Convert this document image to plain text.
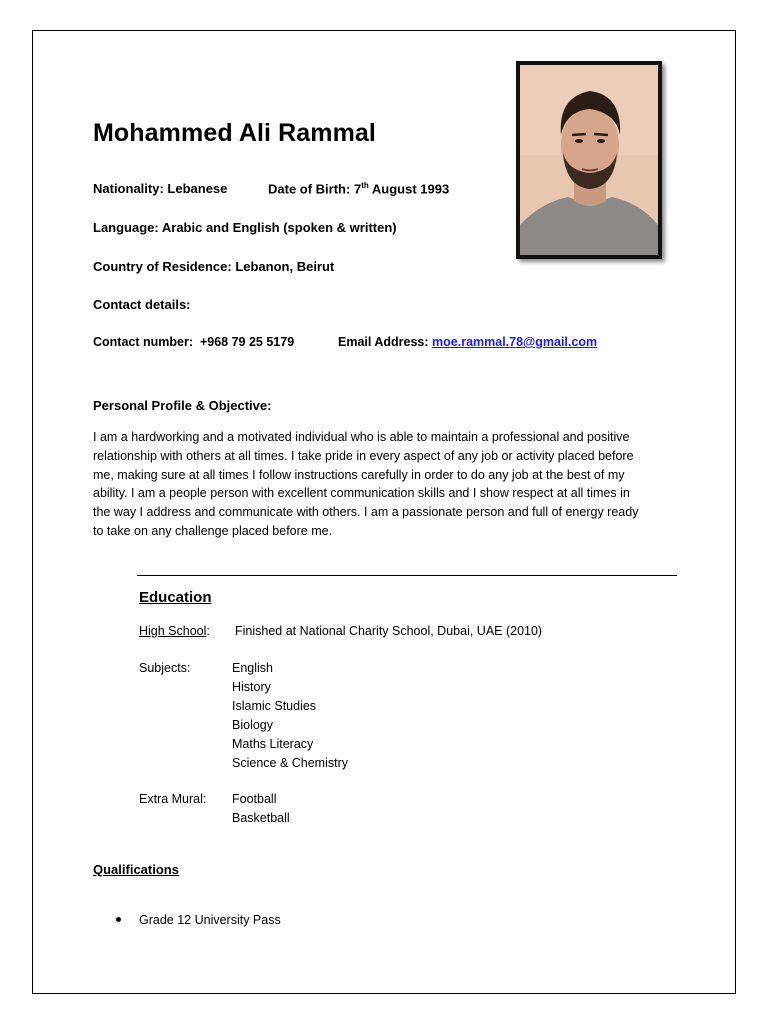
Mohammed Ali Rammal
Nationality: Lebanese	Date of Birth: 7th August 1993
Language: Arabic and English (spoken & written)
Country of Residence: Lebanon, Beirut
Contact details:
Contact number: +968 79 25 5179	Email Address: moe.rammal.78@gmail.com
Personal Profile & Objective:
I am a hardworking and a motivated individual who is able to maintain a professional and positive
relationship with others at all times. I take pride in every aspect of any job or activity placed before
me, making sure at all times I follow instructions carefully in order to do any job at the best of my
ability. I am a people person with excellent communication skills and I show respect at all times in
the way I address and communicate with others. I am a passionate person and full of energy ready
to take on any challenge placed before me.
Education
High School: Finished at National Charity School, Dubai, UAE (2010)
Subjects:	English
History
Islamic Studies
Biology
Maths Literacy
Science & Chemistry
Extra Mural: Football
Basketball
Qualifications
Grade 12 University Pass
